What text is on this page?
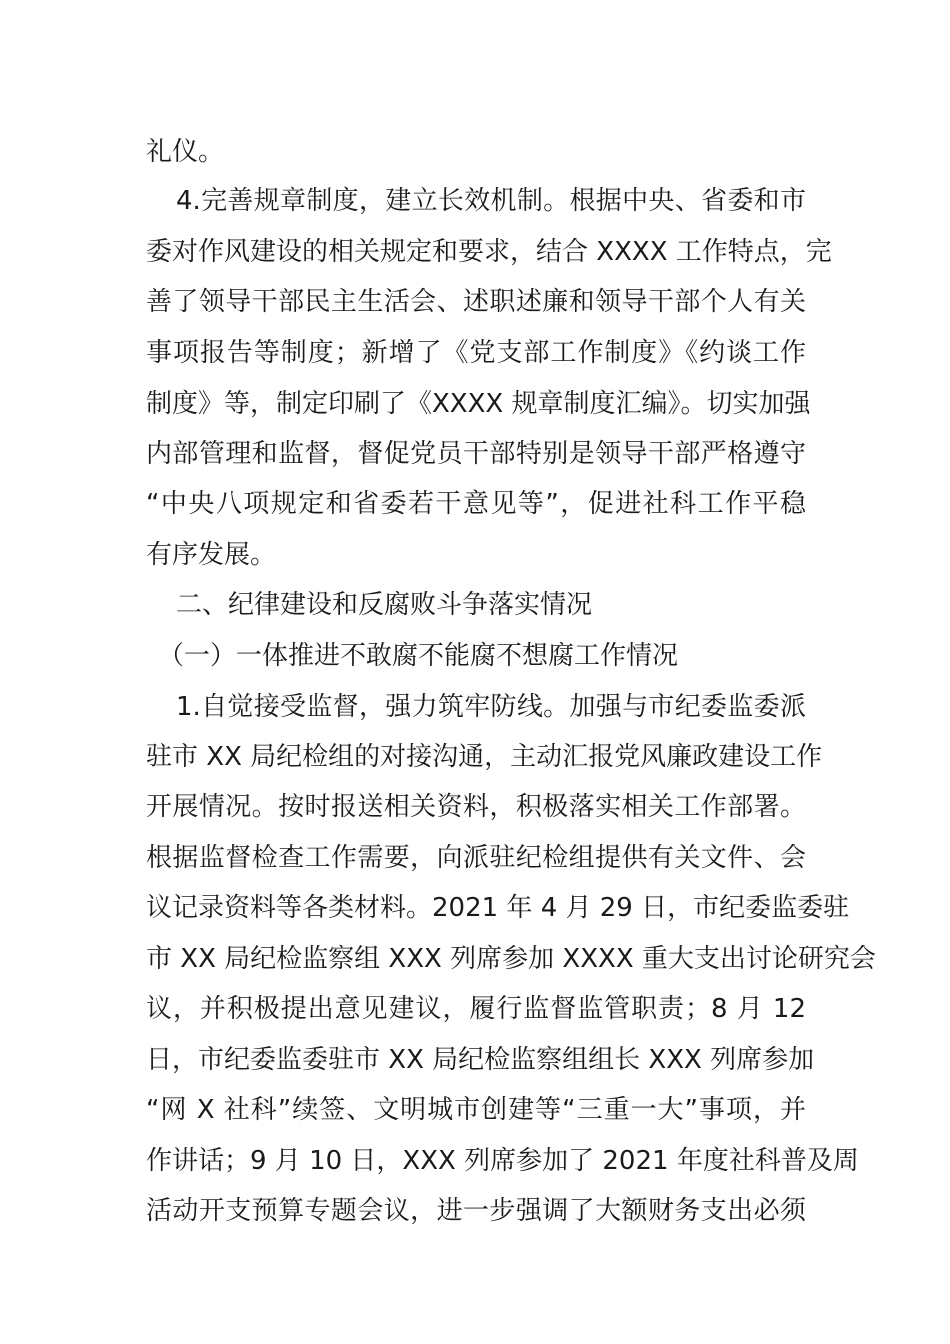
礼仪。
4.完善规章制度，建立长效机制。根据中央、省委和市
委对作风建设的相关规定和要求，结合 XXXX 工作特点，完
善了领导干部民主生活会、述职述廉和领导干部个人有关
事项报告等制度；新增了《党支部工作制度》《约谈工作
制度》等，制定印刷了《XXXX 规章制度汇编》。切实加强
内部管理和监督，督促党员干部特别是领导干部严格遵守
“中央八项规定和省委若干意见等”，促进社科工作平稳
有序发展。
二、纪律建设和反腐败斗争落实情况
（一）一体推进不敢腐不能腐不想腐工作情况
1.自觉接受监督，强力筑牢防线。加强与市纪委监委派
驻市 XX 局纪检组的对接沟通，主动汇报党风廉政建设工作
开展情况。按时报送相关资料，积极落实相关工作部署。
根据监督检查工作需要，向派驻纪检组提供有关文件、会
议记录资料等各类材料。2021 年 4 月 29 日，市纪委监委驻
市 XX 局纪检监察组 XXX 列席参加 XXXX 重大支出讨论研究会
议，并积极提出意见建议，履行监督监管职责；8 月 12
日，市纪委监委驻市 XX 局纪检监察组组长 XXX 列席参加
“网 X 社科”续签、文明城市创建等“三重一大”事项，并
作讲话；9 月 10 日，XXX 列席参加了 2021 年度社科普及周
活动开支预算专题会议，进一步强调了大额财务支出必须
